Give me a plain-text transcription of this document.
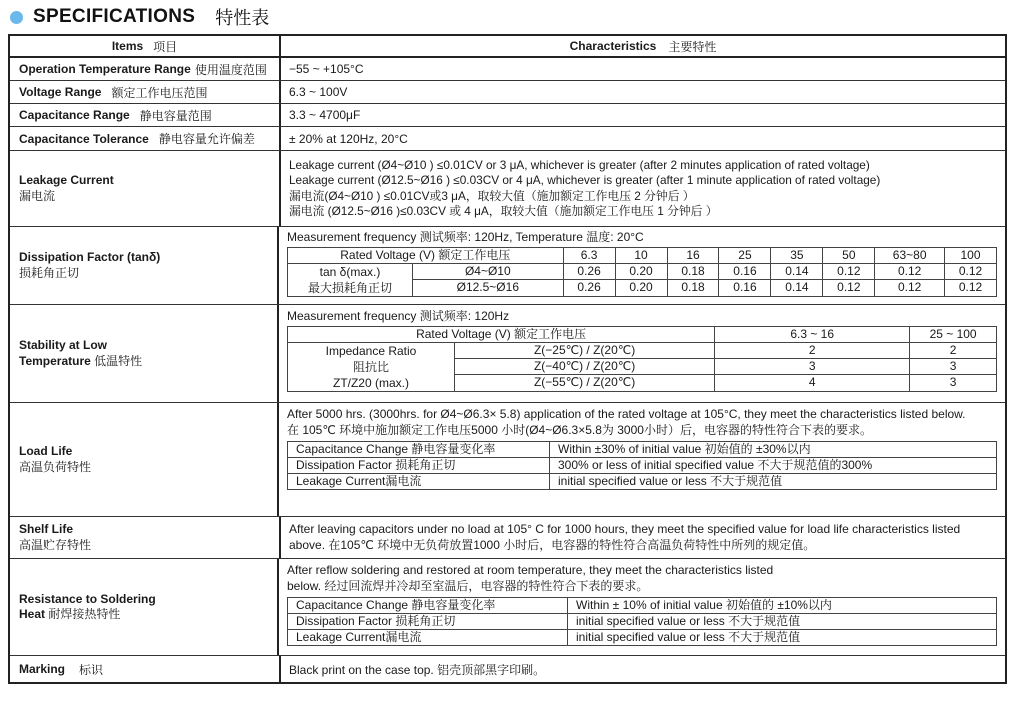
SPECIFICATIONS 特性表
Items 项目	Characteristics 主要特性
Operation Temperature Range 使用温度范围 −55 ~ +105°C
Voltage Range 额定工作电压范围	6.3 ~ 100V
Capacitance Range 静电容量范围	3.3 ~ 4700μF
Capacitance Tolerance 静电容量允许偏差	± 20% at 120Hz, 20°C
Leakage Current
漏电流
Leakage current (Ø4~Ø10 ) ≤0.01CV or 3 μA, whichever is greater (after 2 minutes application of rated voltage)
Leakage current (Ø12.5~Ø16 ) ≤0.03CV or 4 μA, whichever is greater (after 1 minute application of rated voltage)
漏电流(Ø4~Ø10 ) ≤0.01CV或3 μA，取较大值（施加额定工作电压 2 分钟后 ）
漏电流 (Ø12.5~Ø16 )≤0.03CV 或 4 μA，取较大值（施加额定工作电压 1 分钟后 ）
Dissipation Factor (tanδ)
损耗角正切
Measurement frequency 测试频率: 120Hz, Temperature 温度: 20°C
Rated Voltage (V) 额定工作电压		6.3	10	16	25	35	50	63~80	100

tan δ(max.)
最大损耗角正切	Ø4~Ø10	0.26	0.20	0.18	0.16	0.14	0.12	0.12	0.12
	Ø12.5~Ø16	0.26	0.20	0.18	0.16	0.14	0.12	0.12	0.12
Stability at Low
Temperature 低温特性
Measurement frequency 测试频率: 120Hz
Rated Voltage (V) 额定工作电压		6.3 ~ 16	25 ~ 100

Impedance Ratio
阻抗比
ZT/Z20 (max.)	Z(−25℃) / Z(20℃)	2	2
	Z(−40℃) / Z(20℃)	3	3
	Z(−55℃) / Z(20℃)	4	3
Load Life
高温负荷特性
After 5000 hrs. (3000hrs. for Ø4~Ø6.3× 5.8) application of the rated voltage at 105°C, they meet the characteristics listed below.
在 105℃ 环境中施加额定工作电压5000 小时(Ø4~Ø6.3×5.8为 3000小时）后，电容器的特性符合下表的要求。
Capacitance Change 静电容量变化率	Within ±30% of initial value 初始值的 ±30%以内
Dissipation Factor 损耗角正切	300% or less of initial specified value 不大于规范值的300%
Leakage Current漏电流	initial specified value or less 不大于规范值
Shelf Life
高温贮存特性
After leaving capacitors under no load at 105° C for 1000 hours, they meet the specified value for load life characteristics listed above. 在105℃ 环境中无负荷放置1000 小时后，电容器的特性符合高温负荷特性中所列的规定值。
Resistance to Soldering
Heat 耐焊接热特性
After reflow soldering and restored at room temperature, they meet the characteristics listed
below. 经过回流焊并冷却至室温后，电容器的特性符合下表的要求。
Capacitance Change 静电容量变化率	Within ± 10% of initial value 初始值的 ±10%以内
Dissipation Factor 损耗角正切	initial specified value or less 不大于规范值
Leakage Current漏电流	initial specified value or less 不大于规范值
Marking 标识	Black print on the case top. 铝壳顶部黑字印刷。
